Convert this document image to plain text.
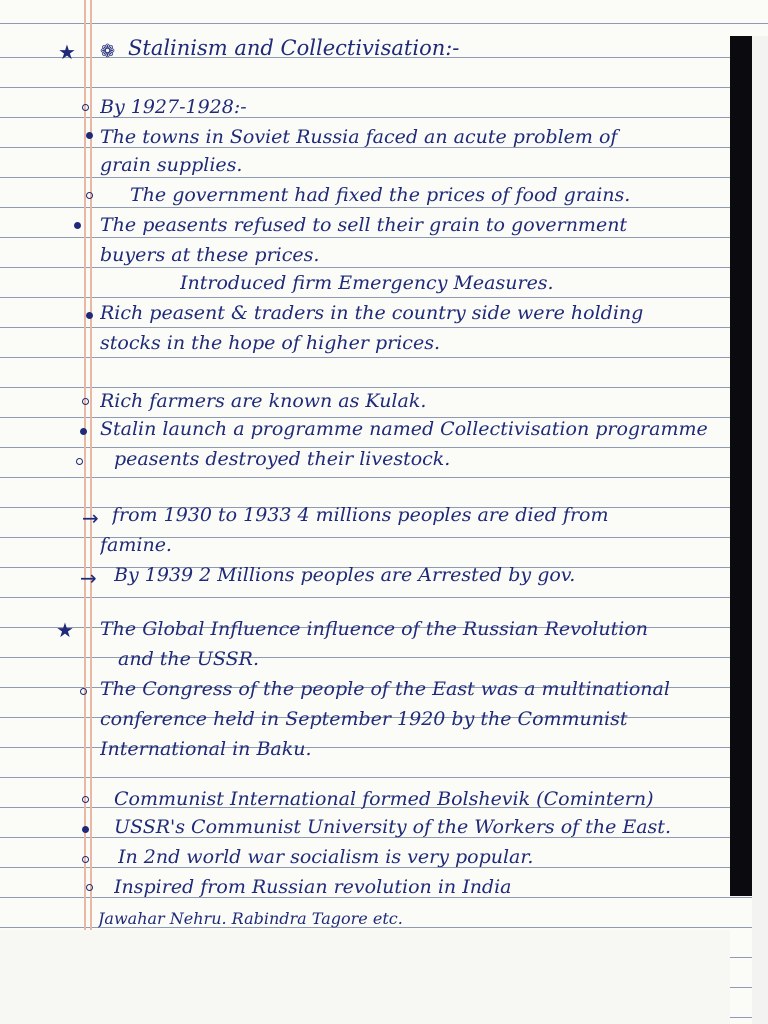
★ ❁ Stalinism and Collectivisation:-
By 1927-1928:-
The towns in Soviet Russia faced an acute problem of
grain supplies.
The government had fixed the prices of food grains.
The peasents refused to sell their grain to government
buyers at these prices.
Introduced firm Emergency Measures.
Rich peasent & traders in the country side were holding
stocks in the hope of higher prices.
Rich farmers are known as Kulak.
Stalin launch a programme named Collectivisation programme
peasents destroyed their livestock.
→ from 1930 to 1933 4 millions peoples are died from
famine.
→ By 1939 2 Millions peoples are Arrested by gov.
★ The Global Influence influence of the Russian Revolution
and the USSR.
The Congress of the people of the East was a multinational
conference held in September 1920 by the Communist
International in Baku.
Communist International formed Bolshevik (Comintern)
USSR's Communist University of the Workers of the East.
In 2nd world war socialism is very popular.
Inspired from Russian revolution in India
Jawahar Nehru. Rabindra Tagore etc.
